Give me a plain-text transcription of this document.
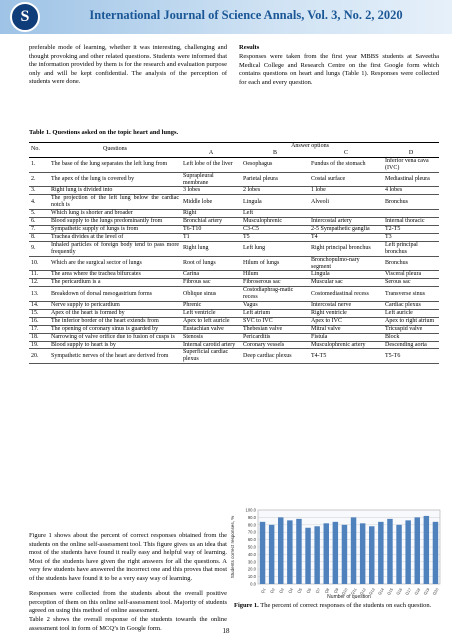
S	International Journal of Science Annals, Vol. 3, No. 2, 2020
preferable mode of learning, whether it was interesting, challenging and thought provoking and other related questions. Students were informed that the information provided by them is for the research and evaluation purpose only and will be kept confidential. The analysis of the perception of students were done.
Table 1. Questions asked on the topic heart and lungs.
Results
Responses were taken from the first year MBBS students at Saveetha Medical College and Research Centre on the first Google form which contains questions on heart and lungs (Table 1). Responses were collected for each and every question.
No.	Questions	Answer options			
		A	B	C	D
1.	The base of the lung separates the left lung from	Left lobe of the liver	Oesophagus	Fundus of the stomach	Inferior vena cava (IVC)
2.	The apex of the lung is covered by	Suprapleural membrane	Parietal pleura	Costal surface	Mediastinal pleura
3.	Right lung is divided into	3 lobes	2 lobes	1 lobe	4 lobes
4.	The projection of the left lung below the cardiac notch is	Middle lobe	Lingula	Alveoli	Bronchus
5.	Which lung is shorter and broader	Right	Left		
6.	Blood supply to the lungs predominantly from	Bronchial artery	Musculophrenic	Intercostal artery	Internal thoracic
7.	Sympathetic supply of lungs is from	T6-T10	C3-C5	2-5 Sympathetic ganglia	T2-T5
8.	Trachea divides at the level of	T1	T5	T4	T3
9.	Inhaled particles of foreign body tend to pass more frequently	Right lung	Left lung	Right principal bronchus	Left principal bronchus
10.	Which are the surgical sector of lungs	Root of lungs	Hilum of lungs	Bronchopulmo-nary segment	Bronchus
11.	The area where the trachea bifurcates	Carina	Hilum	Lingula	Visceral pleura
12.	The pericardium is a	Fibrous sac	Fibroserous sac	Muscular sac	Serous sac
13.	Breakdown of dorsal mesogastrium forms	Oblique sinus	Costodiaphrag-matic recess	Costomediastinal recess	Transverse sinus
14.	Nerve supply to pericardium	Phrenic	Vagus	Intercostal nerve	Cardiac plexus
15.	Apex of the heart is formed by	Left ventricle	Left atrium	Right ventricle	Left auricle
16.	The inferior border of the heart extends from	Apex to left auricle	SVC to IVC	Apex to IVC	Apex to right atrium
17.	The opening of coronary sinus is guarded by	Eustachian valve	Thebesian valve	Mitral valve	Tricuspid valve
18.	Narrowing of valve orifice due to fusion of cusps is	Stenosis	Pericarditis	Fistula	Block
19.	Blood supply to heart is by	Internal carotid artery	Coronary vessels	Musculophrenic artery	Descending aorta
20.	Sympathetic nerves of the heart are derived from	Superficial cardiac plexus	Deep cardiac plexus	T4-T5	T5-T6
Figure 1 shows about the percent of correct responses obtained from the students on the online self-assessment tool. This figure gives us an idea that most of the students have found it really easy and helpful way of learning. Most of the students have given the right answers for all the questions. A very few students have answered the incorrect one and this proves that most of the students have found it to be a very easy way of learning.
Responses were collected from the students about the overall positive perception of them on this online self-assessment tool. Majority of students agreed on using this method of online assessment.
Table 2 shows the overall response of the students towards the online assessment tool in form of MCQ’s in Google form.
0.0
10.0
20.0
30.0
40.0
50.0
60.0
70.0
80.0
90.0
100.0
Q1 Q2 Q3 Q4 Q5 Q6 Q7 Q8 Q9 Q10 Q11 Q12 Q13 Q14 Q15 Q16 Q17 Q18 Q19 Q20
Number of question
Students correct responses, %
Figure 1. The percent of correct responses of the students on each question.
18
